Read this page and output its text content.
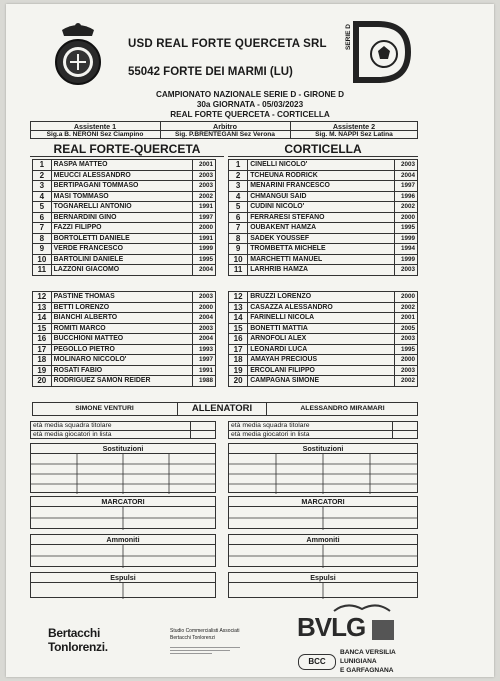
USD REAL FORTE QUERCETA SRL
55042 FORTE DEI MARMI (LU)
SERIE D
CAMPIONATO NAZIONALE SERIE D - GIRONE D
30a GIORNATA - 05/03/2023
REAL FORTE QUERCETA - CORTICELLA
Assistente 1
Sig.a B. NERONI Sez Ciampino
Arbitro
Sig. P.BRENTEGANI Sez Verona
Assistente 2
Sig. M. NAPPI Sez Latina
REAL FORTE-QUERCETA	CORTICELLA
1	RASPA MATTEO	2001
2	MEUCCI ALESSANDRO	2003
3	BERTIPAGANI TOMMASO	2003
4	MASI TOMMASO	2002
5	TOGNARELLI ANTONIO	1991
6	BERNARDINI GINO	1997
7	FAZZI FILIPPO	2000
8	BORTOLETTI DANIELE	1991
9	VERDE FRANCESCO	1999
10	BARTOLINI DANIELE	1995
11	LAZZONI GIACOMO	2004
1	CINELLI NICOLO'	2003
2	TCHEUNA RODRICK	2004
3	MENARINI FRANCESCO	1997
4	CHMANGUI SAID	1996
5	CUDINI NICOLO'	2002
6	FERRARESI STEFANO	2000
7	OUBAKENT HAMZA	1995
8	SADEK YOUSSEF	1999
9	TROMBETTA MICHELE	1994
10	MARCHETTI MANUEL	1999
11	LARHRIB HAMZA	2003
12	PASTINE THOMAS	2003
13	BETTI LORENZO	2000
14	BIANCHI ALBERTO	2004
15	ROMITI MARCO	2003
16	BUCCHIONI MATTEO	2004
17	PEGOLLO PIETRO	1993
18	MOLINARO NICCOLO'	1997
19	ROSATI FABIO	1991
20	RODRIGUEZ SAMON REIDER	1988
12	BRUZZI LORENZO	2000
13	CASAZZA ALESSANDRO	2002
14	FARINELLI NICOLA	2001
15	BONETTI MATTIA	2005
16	ARNOFOLI ALEX	2003
17	LEONARDI LUCA	1995
18	AMAYAH PRECIOUS	2000
19	ERCOLANI FILIPPO	2003
20	CAMPAGNA SIMONE	2002
SIMONE VENTURI	ALLENATORI	ALESSANDRO MIRAMARI
età media squadra titolare
età media giocatori in lista
età media squadra titolare
età media giocatori in lista
Sostituzioni	Sostituzioni
MARCATORI	MARCATORI
Ammoniti	Ammoniti
Espulsi	Espulsi
Bertacchi
Tonlorenzi.
Studio Commercialisti Associati
Bertacchi Tonlorenzi	BVLG
BCC
BANCA VERSILIA
LUNIGIANA
E GARFAGNANA
